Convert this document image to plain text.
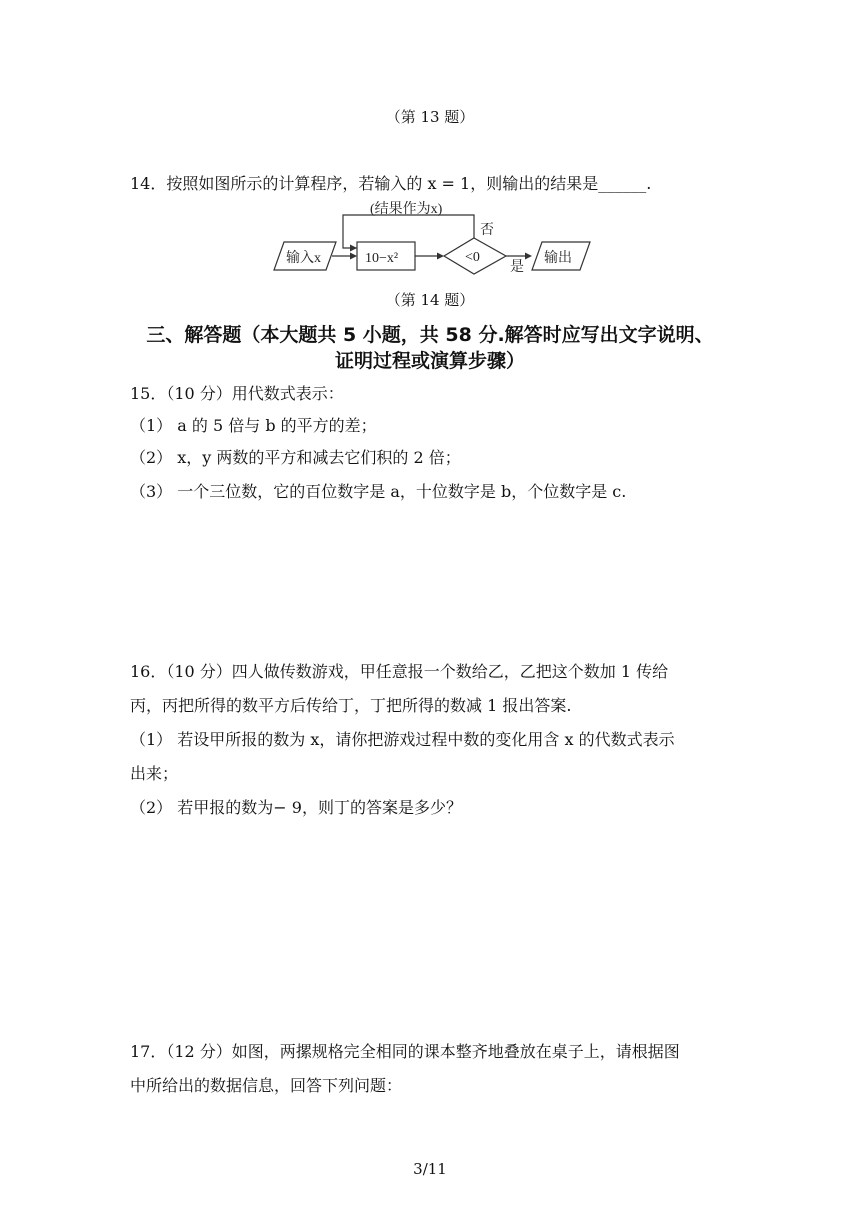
（第 13 题）
14．按照如图所示的计算程序，若输入的 x = 1，则输出的结果是______.
(结果作为x)
否
输入x	10−x²	<0
是
输出
（第 14 题）
三、解答题（本大题共 5 小题，共 58 分.解答时应写出文字说明、
证明过程或演算步骤）
15．（10 分）用代数式表示：
（1） a 的 5 倍与 b 的平方的差；
（2） x，y 两数的平方和减去它们积的 2 倍；
（3） 一个三位数，它的百位数字是 a，十位数字是 b，个位数字是 c.
16．（10 分）四人做传数游戏，甲任意报一个数给乙，乙把这个数加 1 传给
丙，丙把所得的数平方后传给丁，丁把所得的数减 1 报出答案.
（1） 若设甲所报的数为 x，请你把游戏过程中数的变化用含 x 的代数式表示
出来；
（2） 若甲报的数为− 9，则丁的答案是多少？
17．（12 分）如图，两摞规格完全相同的课本整齐地叠放在桌子上，请根据图
中所给出的数据信息，回答下列问题：
3/11
